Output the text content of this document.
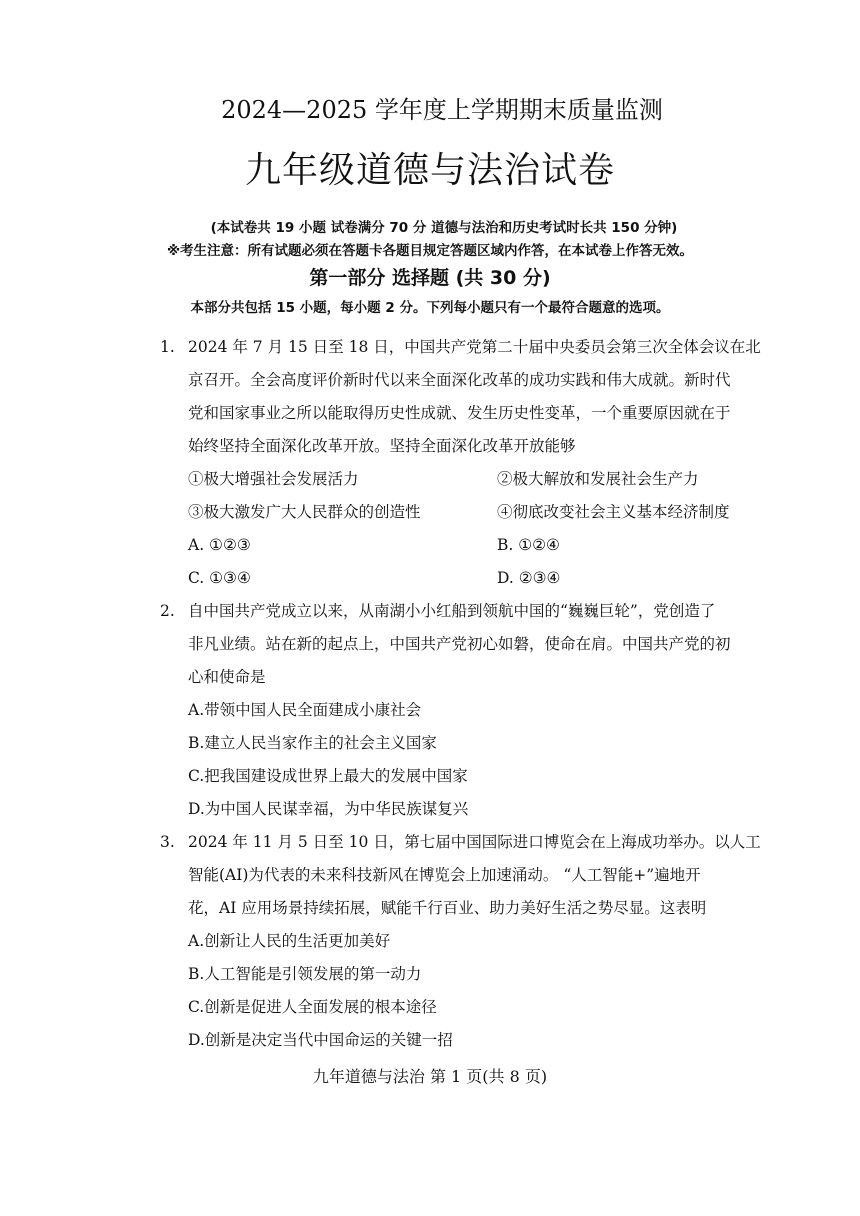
2024—2025 学年度上学期期末质量监测
九年级道德与法治试卷
(本试卷共 19 小题 试卷满分 70 分 道德与法治和历史考试时长共 150 分钟)
※考生注意：所有试题必须在答题卡各题目规定答题区域内作答，在本试卷上作答无效。
第一部分 选择题 (共 30 分)
本部分共包括 15 小题，每小题 2 分。下列每小题只有一个最符合题意的选项。
1. 2024 年 7 月 15 日至 18 日，中国共产党第二十届中央委员会第三次全体会议在北
京召开。全会高度评价新时代以来全面深化改革的成功实践和伟大成就。新时代
党和国家事业之所以能取得历史性成就、发生历史性变革，一个重要原因就在于
始终坚持全面深化改革开放。坚持全面深化改革开放能够
①极大增强社会发展活力	②极大解放和发展社会生产力
③极大激发广大人民群众的创造性	④彻底改变社会主义基本经济制度
A. ①②③	B. ①②④
C. ①③④	D. ②③④
2. 自中国共产党成立以来，从南湖小小红船到领航中国的“巍巍巨轮”，党创造了
非凡业绩。站在新的起点上，中国共产党初心如磐，使命在肩。中国共产党的初
心和使命是
A.带领中国人民全面建成小康社会
B.建立人民当家作主的社会主义国家
C.把我国建设成世界上最大的发展中国家
D.为中国人民谋幸福，为中华民族谋复兴
3. 2024 年 11 月 5 日至 10 日，第七届中国国际进口博览会在上海成功举办。以人工
智能(AI)为代表的未来科技新风在博览会上加速涌动。 “人工智能+”遍地开
花，AI 应用场景持续拓展，赋能千行百业、助力美好生活之势尽显。这表明
A.创新让人民的生活更加美好
B.人工智能是引领发展的第一动力
C.创新是促进人全面发展的根本途径
D.创新是决定当代中国命运的关键一招
九年道德与法治 第 1 页(共 8 页)
